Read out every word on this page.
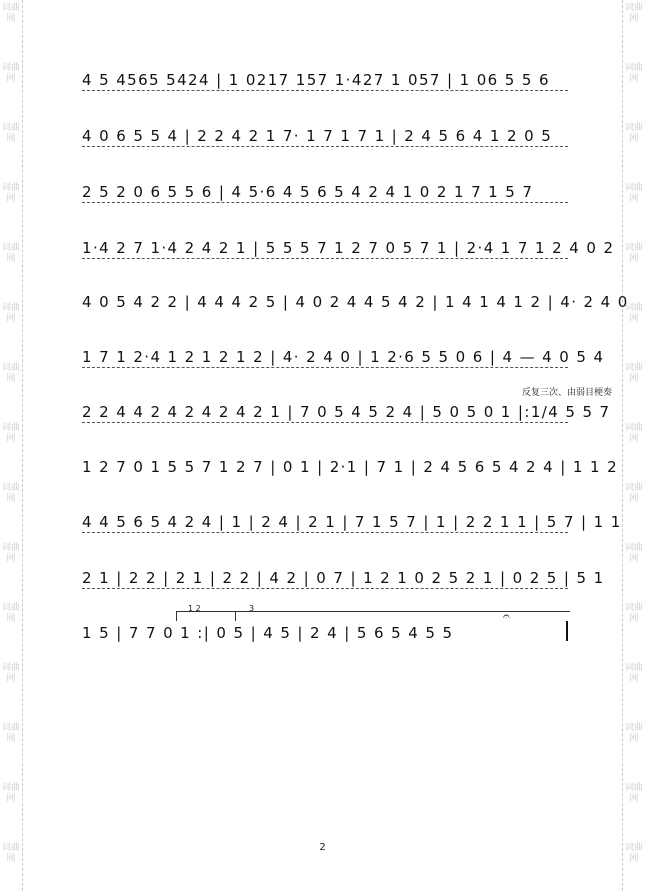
词曲网
词曲网
词曲网
词曲网
词曲网
词曲网
词曲网
词曲网
词曲网
词曲网
词曲网
词曲网
词曲网
词曲网
词曲网
词曲网
词曲网
词曲网
词曲网
词曲网
词曲网
词曲网
词曲网
词曲网
词曲网
词曲网
词曲网
词曲网
词曲网
词曲网
4 5 4565 5424 | 1 0217 157 1·427 1 057 | 1 06 5 5 6
4 0 6 5 5 4 | 2 2 4 2 1 7· 1 7 1 7 1 | 2 4 5 6 4 1 2 0 5
2 5 2 0 6 5 5 6 | 4 5·6 4 5 6 5 4 2 4 1 0 2 1 7 1 5 7
1·4 2 7 1·4 2 4 2 1 | 5 5 5 7 1 2 7 0 5 7 1 | 2·4 1 7 1 2 4 0 2
4 0 5 4 2 2 | 4 4 4 2 5 | 4 0 2 4 4 5 4 2 | 1 4 1 4 1 2 | 4· 2 4 0
1 7 1 2·4 1 2 1 2 1 2 | 4· 2 4 0 | 1 2·6 5 5 0 6 | 4 — 4 0 5 4
反复三次、由弱目梗奏
2 2 4 4 2 4 2 4 2 4 2 1 | 7 0 5 4 5 2 4 | 5 0 5 0 1 |:1/4 5 5 7
1 2 7 0 1 5 5 7 1 2 7 | 0 1 | 2·1 | 7 1 | 2 4 5 6 5 4 2 4 | 1 1 2
4 4 5 6 5 4 2 4 | 1 | 2 4 | 2 1 | 7 1 5 7 | 1 | 2 2 1 1 | 5 7 | 1 1
2 1 | 2 2 | 2 1 | 2 2 | 4 2 | 0 7 | 1 2 1 0 2 5 2 1 | 0 2 5 | 5 1
1 2	3
𝄐
1 5 | 7 7 0 1 :| 0 5 | 4 5 | 2 4 | 5 6 5 4 5 5
2
